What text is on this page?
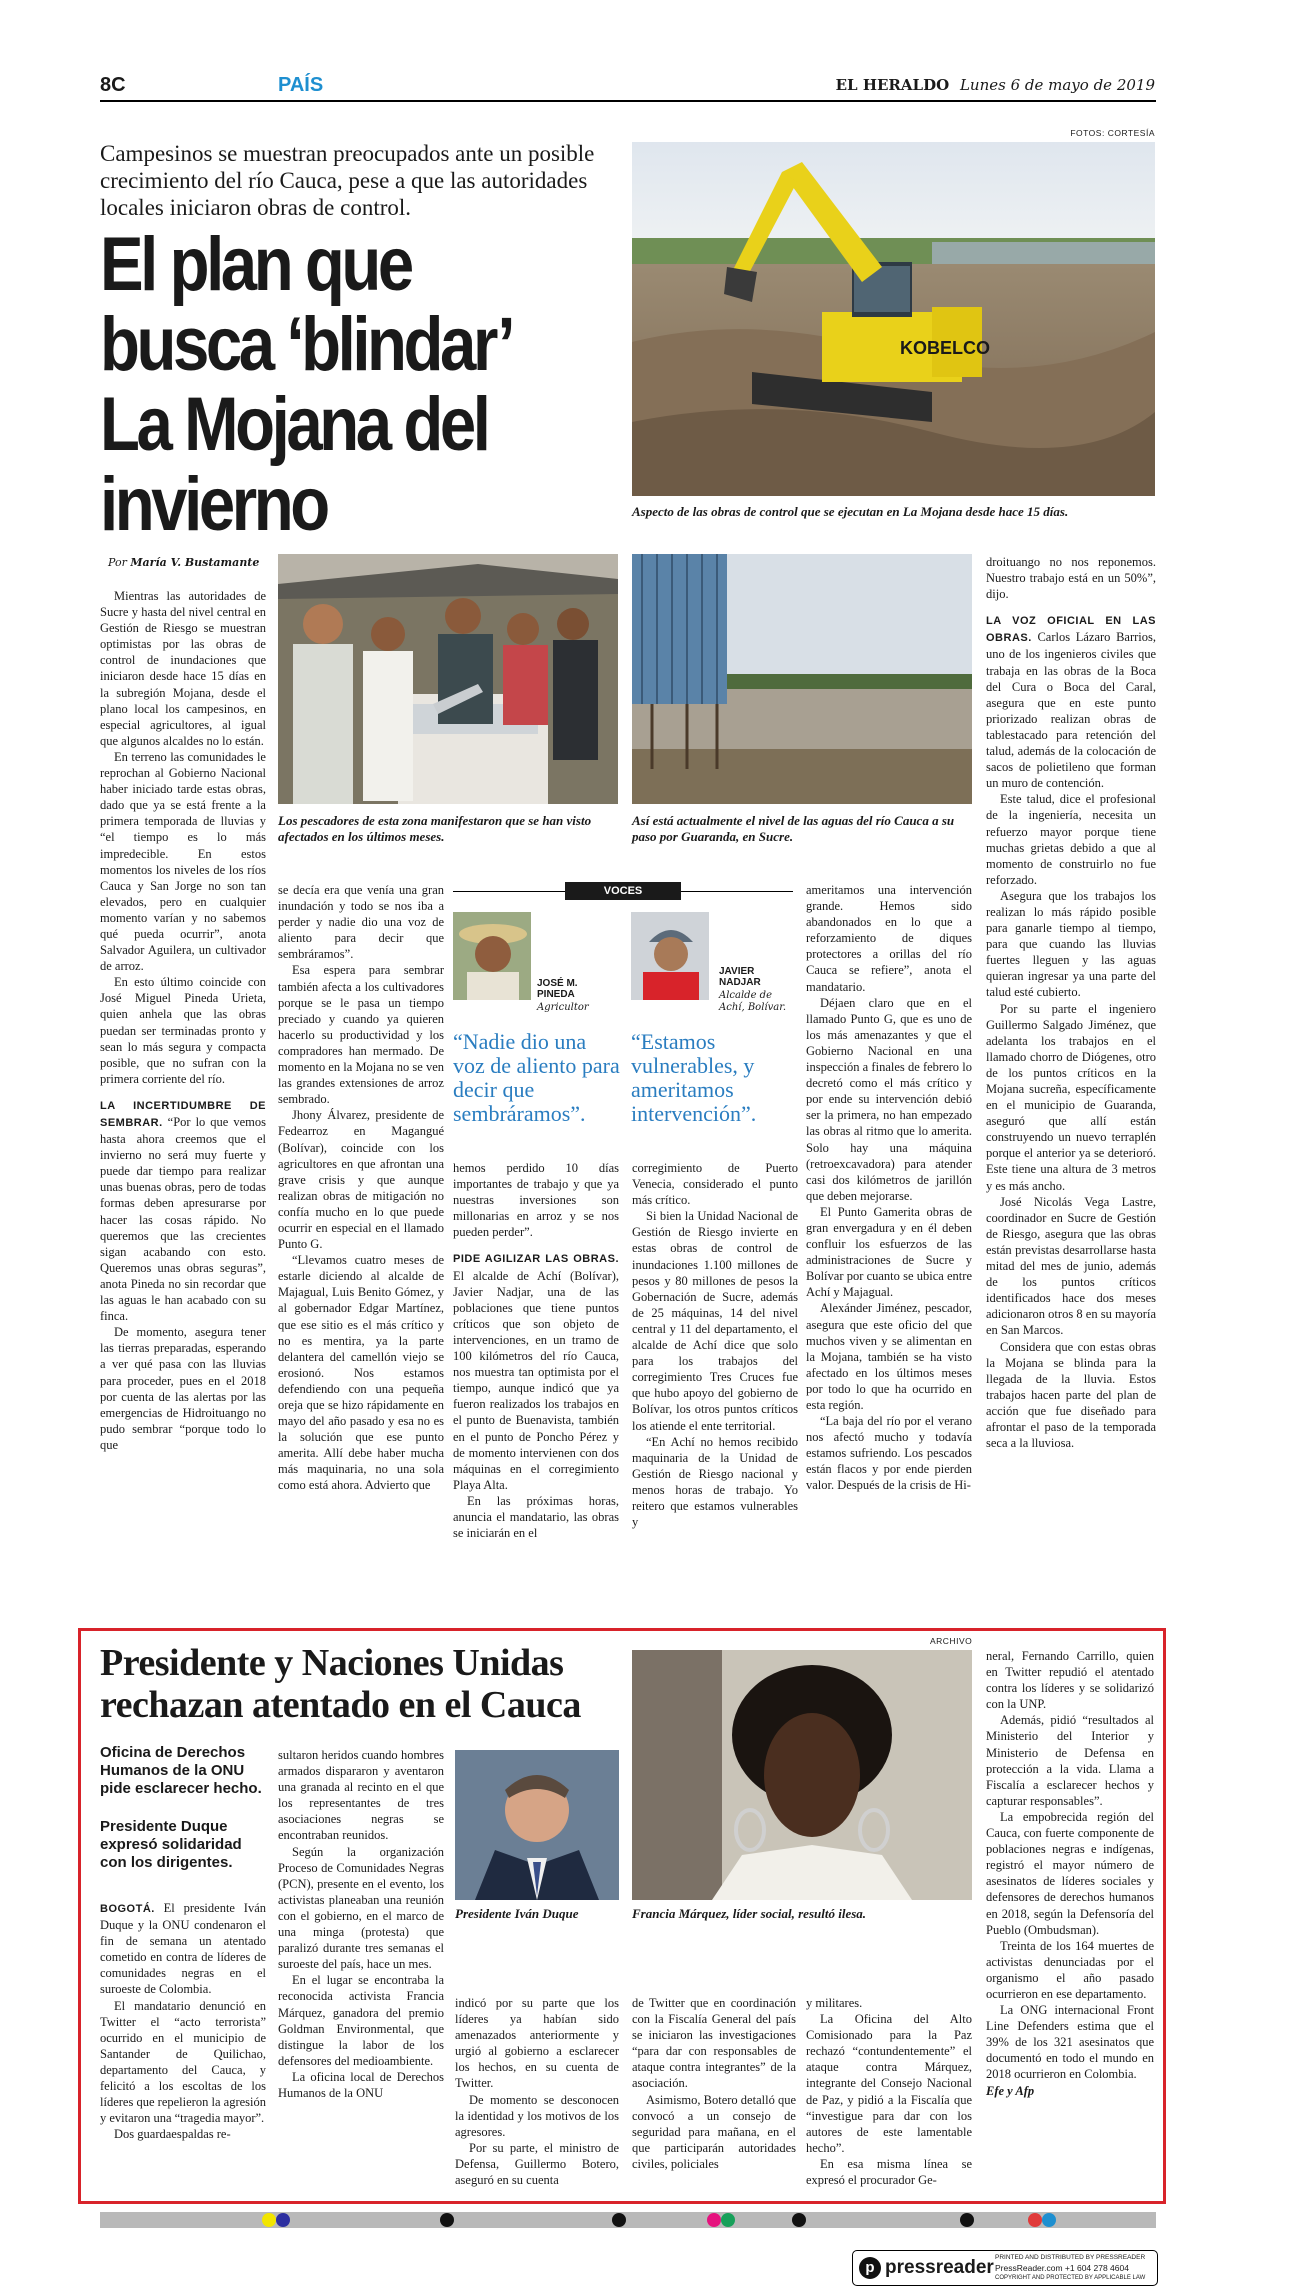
8C	PAÍS	EL HERALDO Lunes 6 de mayo de 2019
Campesinos se muestran preocupados ante un posible crecimiento del río Cauca, pese a que las autoridades locales iniciaron obras de control.
El plan que busca ‘blindar’ La Mojana del invierno
FOTOS: CORTESÍA
KOBELCO
Aspecto de las obras de control que se ejecutan en La Mojana desde hace 15 días.
Por María V. Bustamante

Mientras las autoridades de Sucre y hasta del nivel central en Gestión de Riesgo se muestran optimistas por las obras de control de inundaciones que iniciaron desde hace 15 días en la subregión Mojana, desde el plano local los campesinos, en especial agricultores, al igual que algunos alcaldes no lo están.

En terreno las comunidades le reprochan al Gobierno Nacional haber iniciado tarde estas obras, dado que ya se está frente a la primera temporada de lluvias y “el tiempo es lo más impredecible. En estos momentos los niveles de los ríos Cauca y San Jorge no son tan elevados, pero en cualquier momento varían y no sabemos qué pueda ocurrir”, anota Salvador Aguilera, un cultivador de arroz.

En esto último coincide con José Miguel Pineda Urieta, quien anhela que las obras puedan ser terminadas pronto y sean lo más segura y compacta posible, que no sufran con la primera corriente del río.

LA INCERTIDUMBRE DE SEMBRAR. “Por lo que vemos hasta ahora creemos que el invierno no será muy fuerte y puede dar tiempo para realizar unas buenas obras, pero de todas formas deben apresurarse por hacer las cosas rápido. No queremos que las crecientes sigan acabando con esto. Queremos unas obras seguras”, anota Pineda no sin recordar que las aguas le han acabado con su finca.

De momento, asegura tener las tierras preparadas, esperando a ver qué pasa con las lluvias para proceder, pues en el 2018 por cuenta de las alertas por las emergencias de Hidroituango no pudo sembrar “porque todo lo que

Los pescadores de esta zona manifestaron que se han visto afectados en los últimos meses.
Así está actualmente el nivel de las aguas del río Cauca a su paso por Guaranda, en Sucre.

se decía era que venía una gran inundación y todo se nos iba a perder y nadie dio una voz de aliento para decir que sembráramos”.

Esa espera para sembrar también afecta a los cultivadores porque se le pasa un tiempo preciado y cuando ya quieren hacerlo su productividad y los compradores han mermado. De momento en la Mojana no se ven las grandes extensiones de arroz sembrado.

Jhony Álvarez, presidente de Fedearroz en Magangué (Bolívar), coincide con los agricultores en que afrontan una grave crisis y que aunque realizan obras de mitigación no confía mucho en lo que puede ocurrir en especial en el llamado Punto G.

“Llevamos cuatro meses de estarle diciendo al alcalde de Majagual, Luis Benito Gómez, y al gobernador Edgar Martínez, que ese sitio es el más crítico y no es mentira, ya la parte delantera del camellón viejo se erosionó. Nos estamos defendiendo con una pequeña oreja que se hizo rápidamente en mayo del año pasado y esa no es la solución que ese punto amerita. Allí debe haber mucha más maquinaria, no una sola como está ahora. Advierto que

VOCES
JOSÉ M. PINEDA
Agricultor
JAVIER NADJAR
Alcalde de Achí, Bolívar.
“Nadie dio una voz de aliento para decir que sembráramos”.
“Estamos vulnerables, y ameritamos intervención”.

hemos perdido 10 días importantes de trabajo y que ya nuestras inversiones son millonarias en arroz y se nos pueden perder”.

PIDE AGILIZAR LAS OBRAS. El alcalde de Achí (Bolívar), Javier Nadjar, una de las poblaciones que tiene puntos críticos que son objeto de intervenciones, en un tramo de 100 kilómetros del río Cauca, nos muestra tan optimista por el tiempo, aunque indicó que ya fueron realizados los trabajos en el punto de Buenavista, también en el punto de Poncho Pérez y de momento intervienen con dos máquinas en el corregimiento Playa Alta.

En las próximas horas, anuncia el mandatario, las obras se iniciarán en el

corregimiento de Puerto Venecia, considerado el punto más crítico.

Si bien la Unidad Nacional de Gestión de Riesgo invierte en estas obras de control de inundaciones 1.100 millones de pesos y 80 millones de pesos la Gobernación de Sucre, además de 25 máquinas, 14 del nivel central y 11 del departamento, el alcalde de Achí dice que solo para los trabajos del corregimiento Tres Cruces fue que hubo apoyo del gobierno de Bolívar, los otros puntos críticos los atiende el ente territorial.

“En Achí no hemos recibido maquinaria de la Unidad de Gestión de Riesgo nacional y menos horas de trabajo. Yo reitero que estamos vulnerables y

ameritamos una intervención grande. Hemos sido abandonados en lo que a reforzamiento de diques protectores a orillas del río Cauca se refiere”, anota el mandatario.

Déjaen claro que en el llamado Punto G, que es uno de los más amenazantes y que el Gobierno Nacional en una inspección a finales de febrero lo decretó como el más crítico y por ende su intervención debió ser la primera, no han empezado las obras al ritmo que lo amerita. Solo hay una máquina (retroexcavadora) para atender casi dos kilómetros de jarillón que deben mejorarse.

El Punto Gamerita obras de gran envergadura y en él deben confluir los esfuerzos de las administraciones de Sucre y Bolívar por cuanto se ubica entre Achí y Majagual.

Alexánder Jiménez, pescador, asegura que este oficio del que muchos viven y se alimentan en la Mojana, también se ha visto afectado en los últimos meses por todo lo que ha ocurrido en esta región.

“La baja del río por el verano nos afectó mucho y todavía estamos sufriendo. Los pescados están flacos y por ende pierden valor. Después de la crisis de Hi-

droituango no nos reponemos. Nuestro trabajo está en un 50%”, dijo.

LA VOZ OFICIAL EN LAS OBRAS. Carlos Lázaro Barrios, uno de los ingenieros civiles que trabaja en las obras de la Boca del Cura o Boca del Caral, asegura que en este punto priorizado realizan obras de tablestacado para retención del talud, además de la colocación de sacos de polietileno que forman un muro de contención.

Este talud, dice el profesional de la ingeniería, necesita un refuerzo mayor porque tiene muchas grietas debido a que al momento de construirlo no fue reforzado.

Asegura que los trabajos los realizan lo más rápido posible para ganarle tiempo al tiempo, para que cuando las lluvias fuertes lleguen y las aguas quieran ingresar ya una parte del talud esté cubierto.

Por su parte el ingeniero Guillermo Salgado Jiménez, que adelanta los trabajos en el llamado chorro de Diógenes, otro de los puntos críticos en la Mojana sucreña, específicamente en el municipio de Guaranda, aseguró que allí están construyendo un nuevo terraplén porque el anterior ya se deterioró. Este tiene una altura de 3 metros y es más ancho.

José Nicolás Vega Lastre, coordinador en Sucre de Gestión de Riesgo, asegura que las obras están previstas desarrollarse hasta mitad del mes de junio, además de los puntos críticos identificados hace dos meses adicionaron otros 8 en su mayoría en San Marcos.

Considera que con estas obras la Mojana se blinda para la llegada de la lluvia. Estos trabajos hacen parte del plan de acción que fue diseñado para afrontar el paso de la temporada seca a la lluviosa.

ARCHIVO
Presidente y Naciones Unidas rechazan atentado en el Cauca
Oficina de Derechos Humanos de la ONU pide esclarecer hecho.
Presidente Duque expresó solidaridad con los dirigentes.
Presidente Iván Duque	Francia Márquez, líder social, resultó ilesa.

BOGOTÁ. El presidente Iván Duque y la ONU condenaron el fin de semana un atentado cometido en contra de líderes de comunidades negras en el suroeste de Colombia.

El mandatario denunció en Twitter el “acto terrorista” ocurrido en el municipio de Santander de Quilichao, departamento del Cauca, y felicitó a los escoltas de los líderes que repelieron la agresión y evitaron una “tragedia mayor”.

Dos guardaespaldas re-

sultaron heridos cuando hombres armados dispararon y aventaron una granada al recinto en el que los representantes de tres asociaciones negras se encontraban reunidos.

Según la organización Proceso de Comunidades Negras (PCN), presente en el evento, los activistas planeaban una reunión con el gobierno, en el marco de una minga (protesta) que paralizó durante tres semanas el suroeste del país, hace un mes.

En el lugar se encontraba la reconocida activista Francia Márquez, ganadora del premio Goldman Environmental, que distingue la labor de los defensores del medioambiente.

La oficina local de Derechos Humanos de la ONU

indicó por su parte que los líderes ya habían sido amenazados anteriormente y urgió al gobierno a esclarecer los hechos, en su cuenta de Twitter.

De momento se desconocen la identidad y los motivos de los agresores.

Por su parte, el ministro de Defensa, Guillermo Botero, aseguró en su cuenta

de Twitter que en coordinación con la Fiscalía General del país se iniciaron las investigaciones “para dar con responsables de ataque contra integrantes” de la asociación.

Asimismo, Botero detalló que convocó a un consejo de seguridad para mañana, en el que participarán autoridades civiles, policiales

y militares.

La Oficina del Alto Comisionado para la Paz rechazó “contundentemente” el ataque contra Márquez, integrante del Consejo Nacional de Paz, y pidió a la Fiscalía que “investigue para dar con los autores de este lamentable hecho”.

En esa misma línea se expresó el procurador Ge-

neral, Fernando Carrillo, quien en Twitter repudió el atentado contra los líderes y se solidarizó con la UNP.

Además, pidió “resultados al Ministerio del Interior y Ministerio de Defensa en protección a la vida. Llama a Fiscalía a esclarecer hechos y capturar responsables”.

La empobrecida región del Cauca, con fuerte componente de poblaciones negras e indígenas, registró el mayor número de asesinatos de líderes sociales y defensores de derechos humanos en 2018, según la Defensoría del Pueblo (Ombudsman).

Treinta de los 164 muertes de activistas denunciadas por el organismo el año pasado ocurrieron en ese departamento.

La ONG internacional Front Line Defenders estima que el 39% de los 321 asesinatos que documentó en todo el mundo en 2018 ocurrieron en Colombia.

Efe y Afp

p pressreader PRINTED AND DISTRIBUTED BY PRESSREADER
PressReader.com +1 604 278 4604
COPYRIGHT AND PROTECTED BY APPLICABLE LAW
